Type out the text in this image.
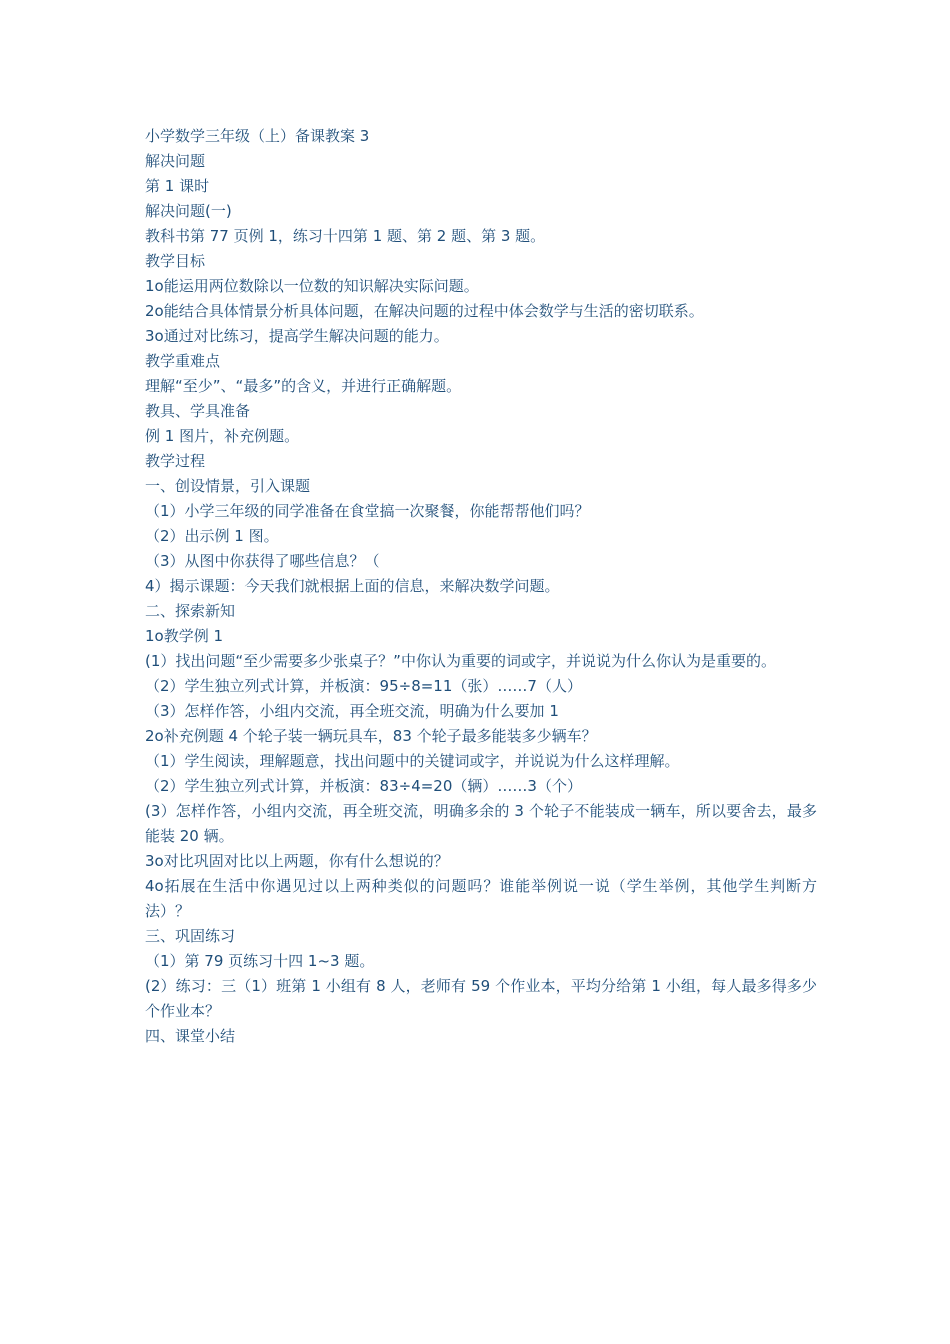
小学数学三年级（上）备课教案 3

解决问题

第 1 课时

解决问题(一)

教科书第 77 页例 1，练习十四第 1 题、第 2 题、第 3 题。

教学目标

1o能运用两位数除以一位数的知识解决实际问题。

2o能结合具体情景分析具体问题，在解决问题的过程中体会数学与生活的密切联系。

3o通过对比练习，提高学生解决问题的能力。

教学重难点

理解“至少”、“最多”的含义，并进行正确解题。

教具、学具准备

例 1 图片，补充例题。

教学过程

一、创设情景，引入课题

（1）小学三年级的同学准备在食堂搞一次聚餐，你能帮帮他们吗？

（2）出示例 1 图。

（3）从图中你获得了哪些信息？（

4）揭示课题：今天我们就根据上面的信息，来解决数学问题。

二、探索新知

1o教学例 1

(1）找出问题“至少需要多少张桌子？”中你认为重要的词或字，并说说为什么你认为是重要的。

（2）学生独立列式计算，并板演：95÷8=11（张）……7（人）

（3）怎样作答，小组内交流，再全班交流，明确为什么要加 1

2o补充例题 4 个轮子装一辆玩具车，83 个轮子最多能装多少辆车？

（1）学生阅读，理解题意，找出问题中的关键词或字，并说说为什么这样理解。

（2）学生独立列式计算，并板演：83÷4=20（辆）……3（个）

(3）怎样作答，小组内交流，再全班交流，明确多余的 3 个轮子不能装成一辆车，所以要舍去，最多能装 20 辆。

3o对比巩固对比以上两题，你有什么想说的？

4o拓展在生活中你遇见过以上两种类似的问题吗？谁能举例说一说（学生举例，其他学生判断方法）？

三、巩固练习

（1）第 79 页练习十四 1~3 题。

(2）练习：三（1）班第 1 小组有 8 人，老师有 59 个作业本，平均分给第 1 小组，每人最多得多少个作业本？

四、课堂小结
